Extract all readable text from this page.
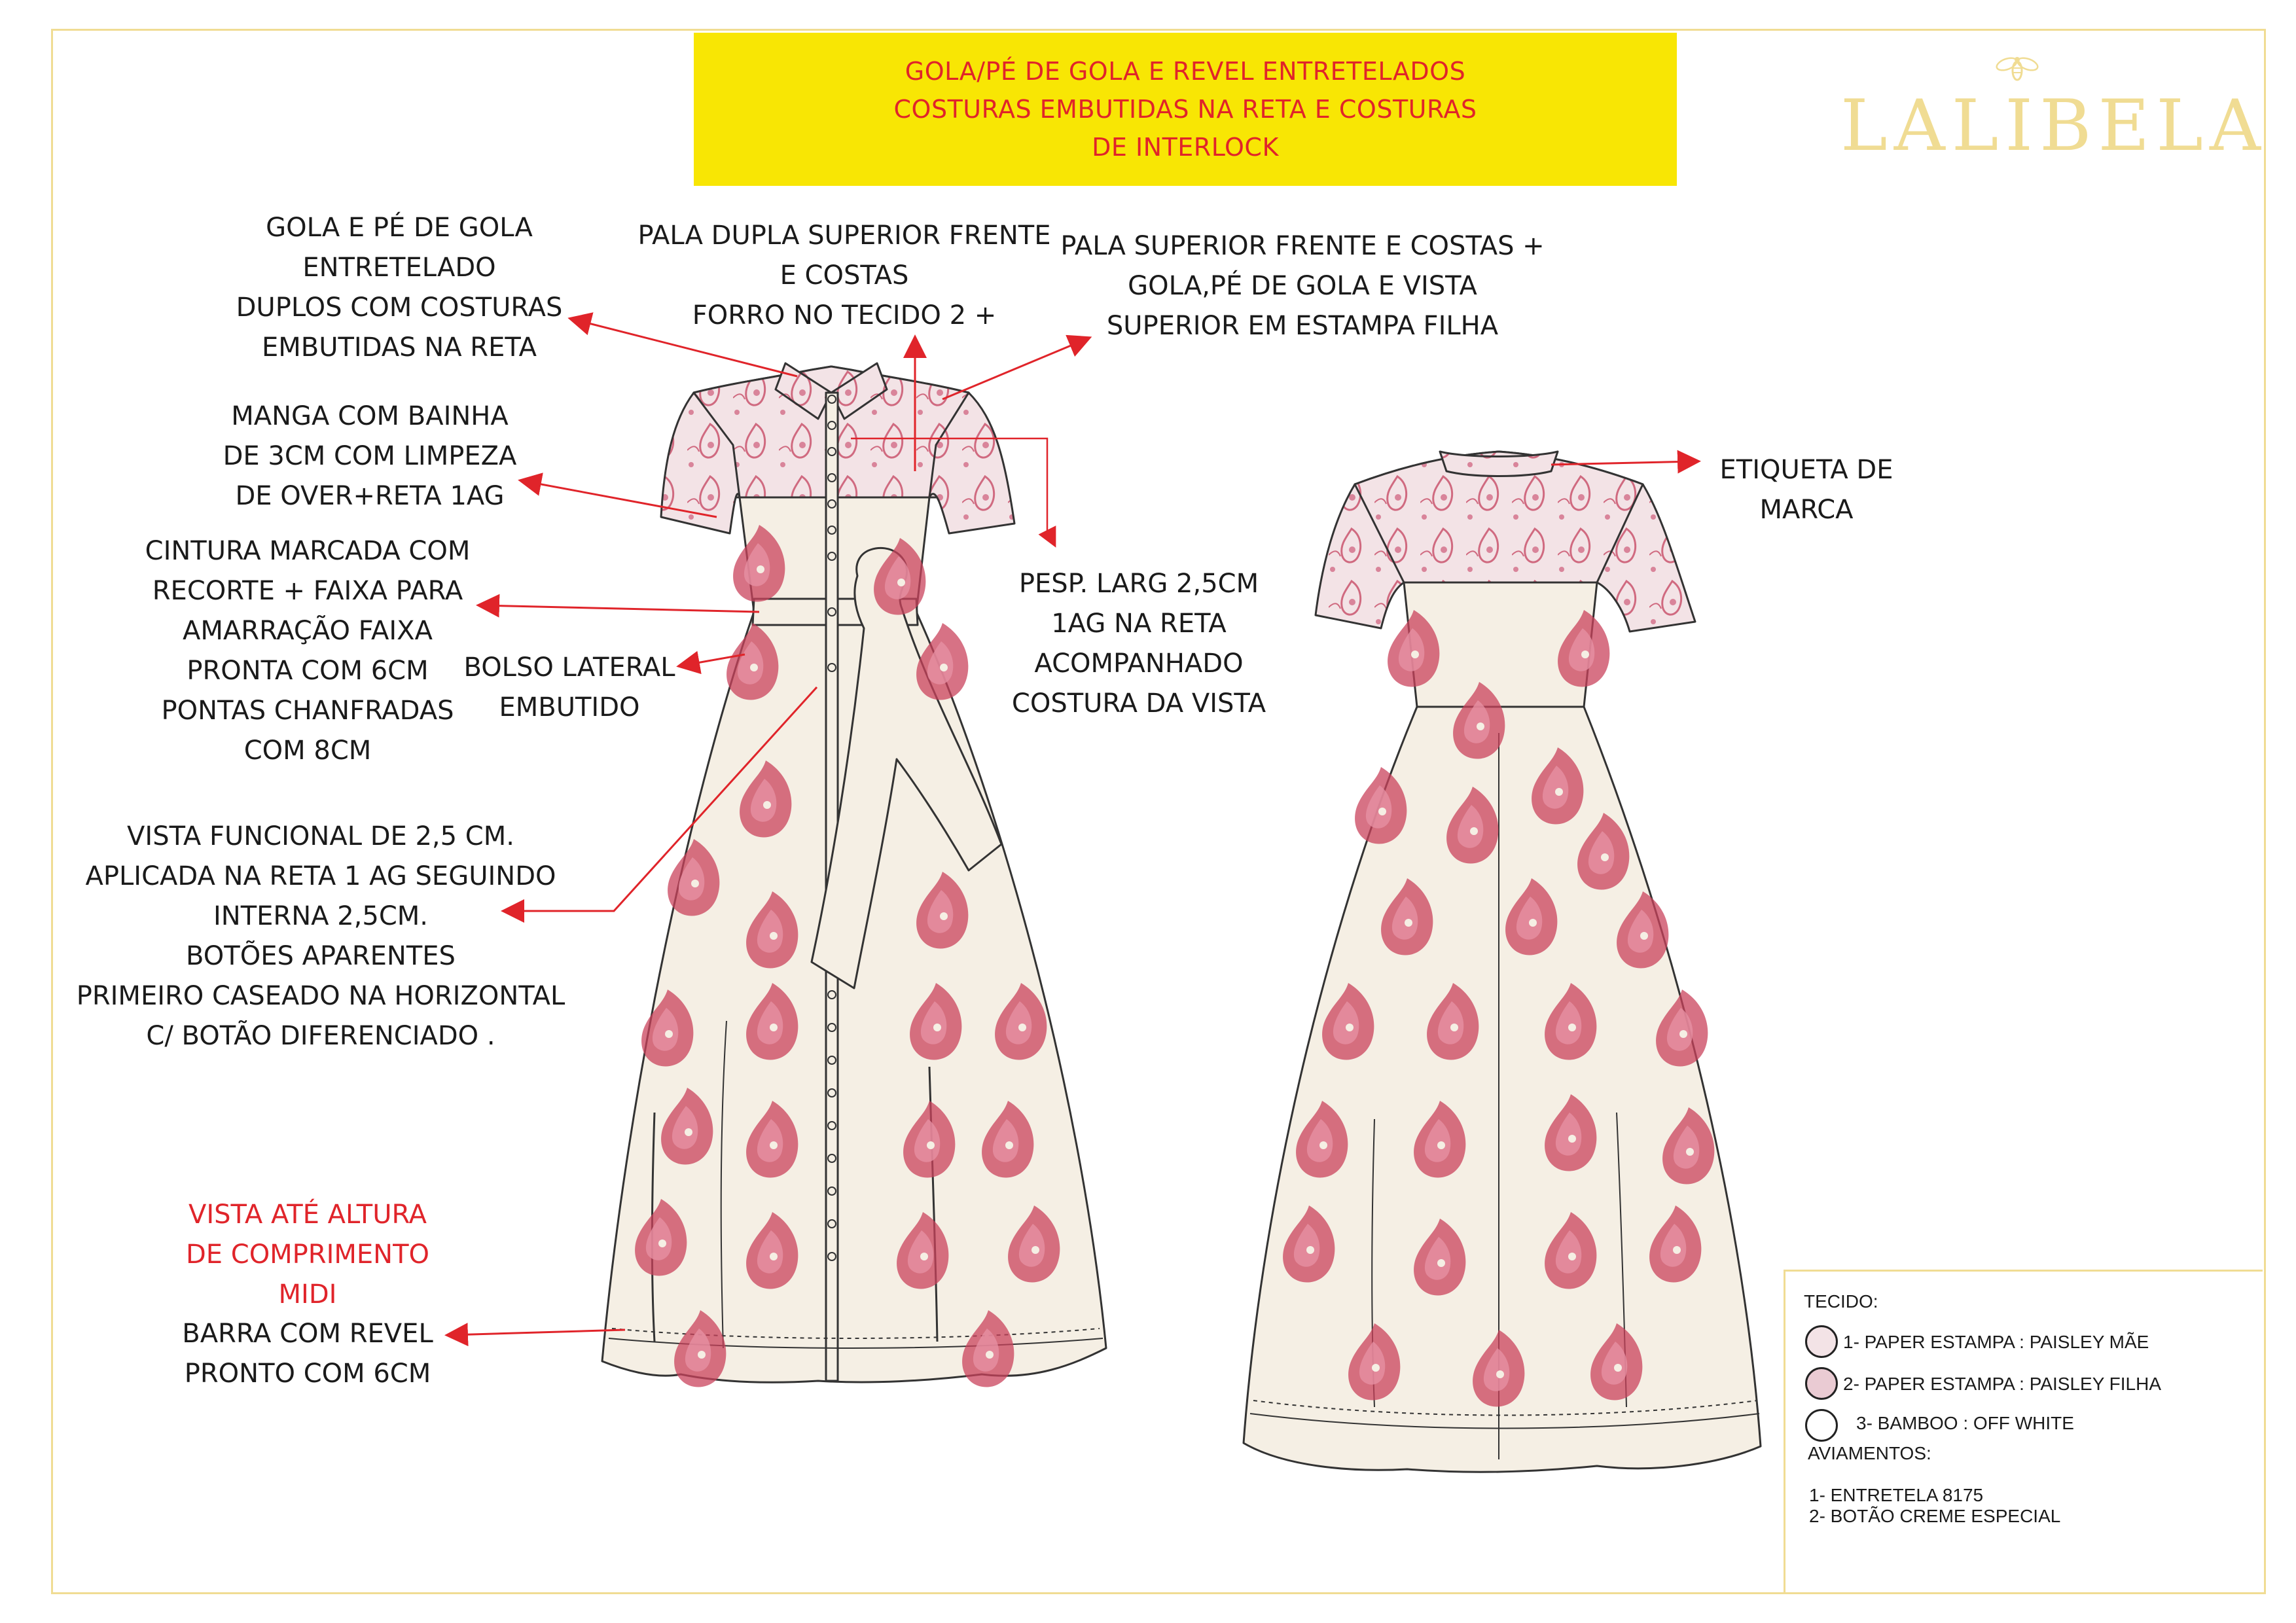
GOLA/PÉ DE GOLA E REVEL ENTRETELADOS
COSTURAS EMBUTIDAS NA RETA E COSTURAS
DE INTERLOCK	LALIBELA
GOLA E PÉ DE GOLA
ENTRETELADO
DUPLOS COM COSTURAS
EMBUTIDAS NA RETA
PALA DUPLA SUPERIOR FRENTE
E COSTAS
FORRO NO TECIDO 2 +
PALA SUPERIOR FRENTE E COSTAS +
GOLA,PÉ DE GOLA E VISTA
SUPERIOR EM ESTAMPA FILHA
MANGA COM BAINHA
DE 3CM COM LIMPEZA
DE OVER+RETA 1AG
CINTURA MARCADA COM
RECORTE + FAIXA PARA
AMARRAÇÃO FAIXA
PRONTA COM 6CM
PONTAS CHANFRADAS
COM 8CM
BOLSO LATERAL
EMBUTIDO
PESP. LARG 2,5CM
1AG NA RETA
ACOMPANHADO
COSTURA DA VISTA
VISTA FUNCIONAL DE 2,5 CM.
APLICADA NA RETA 1 AG SEGUINDO
INTERNA 2,5CM.
BOTÕES APARENTES
PRIMEIRO CASEADO NA HORIZONTAL
C/ BOTÃO DIFERENCIADO .
VISTA ATÉ ALTURA
DE COMPRIMENTO
MIDI
BARRA COM REVEL
PRONTO COM 6CM
ETIQUETA DE
MARCA
TECIDO:
1- PAPER ESTAMPA : PAISLEY MÃE
2- PAPER ESTAMPA : PAISLEY FILHA
3- BAMBOO : OFF WHITE
AVIAMENTOS:
1- ENTRETELA 8175
2- BOTÃO CREME ESPECIAL
